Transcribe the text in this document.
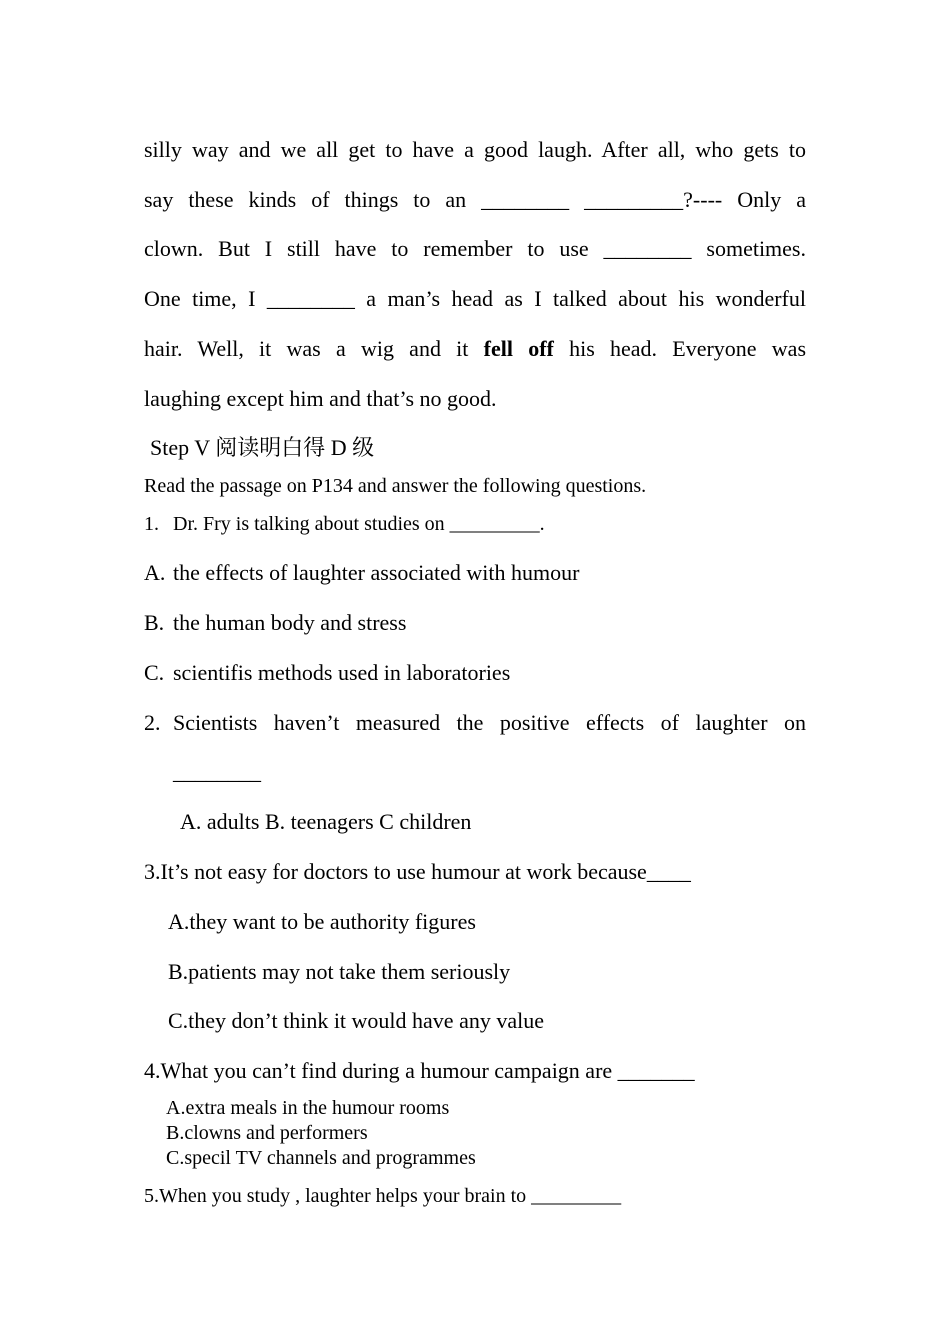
silly way and we all get to have a good laugh. After all, who gets to
say these kinds of things to an ________ _________?---- Only a
clown. But I still have to remember to use ________ sometimes.
One time, I ________ a man’s head as I talked about his wonderful
hair. Well, it was a wig and it fell off his head. Everyone was
laughing except him and that’s no good.
Step V 阅读明白得 D 级
Read the passage on P134 and answer the following questions.
1. Dr. Fry is talking about studies on _________.
A. the effects of laughter associated with humour
B. the human body and stress
C. scientifis methods used in laboratories
2. Scientists haven’t measured the positive effects of laughter on
________
A. adults B. teenagers C children
3.It’s not easy for doctors to use humour at work because____
A.they want to be authority figures
B.patients may not take them seriously
C.they don’t think it would have any value
4.What you can’t find during a humour campaign are _______
A.extra meals in the humour rooms
B.clowns and performers
C.specil TV channels and programmes
5.When you study , laughter helps your brain to _________
